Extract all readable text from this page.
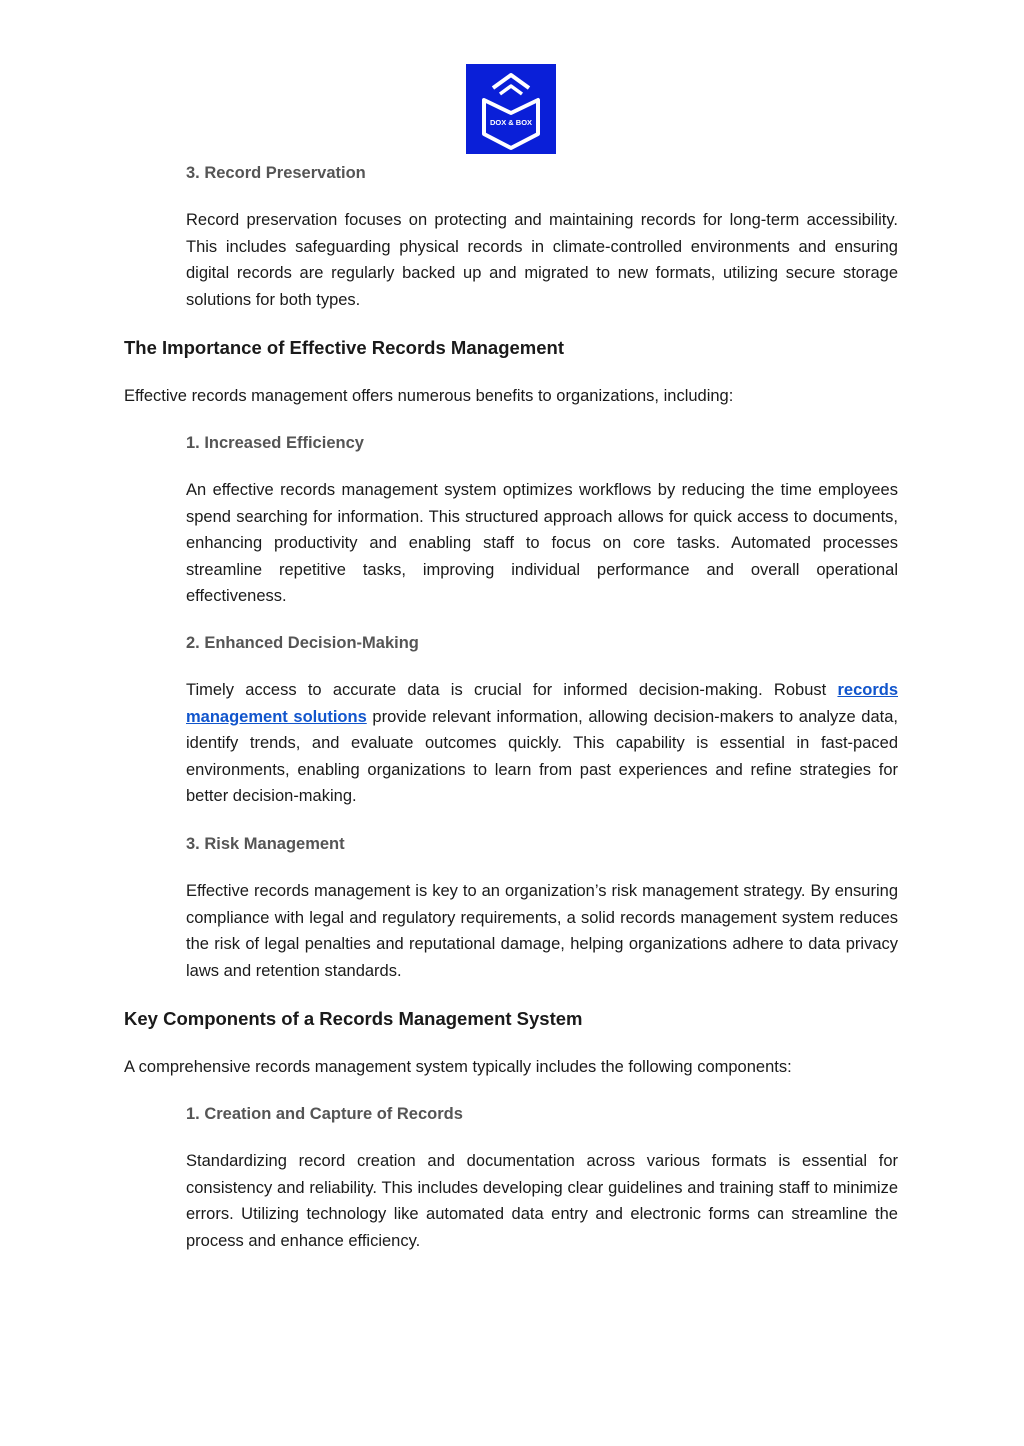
DOX & BOX
3. Record Preservation
Record preservation focuses on protecting and maintaining records for long-term accessibility. This includes safeguarding physical records in climate-controlled environments and ensuring digital records are regularly backed up and migrated to new formats, utilizing secure storage solutions for both types.
The Importance of Effective Records Management
Effective records management offers numerous benefits to organizations, including:
1. Increased Efficiency
An effective records management system optimizes workflows by reducing the time employees spend searching for information. This structured approach allows for quick access to documents, enhancing productivity and enabling staff to focus on core tasks. Automated processes streamline repetitive tasks, improving individual performance and overall operational effectiveness.
2. Enhanced Decision-Making
Timely access to accurate data is crucial for informed decision-making. Robust records management solutions provide relevant information, allowing decision-makers to analyze data, identify trends, and evaluate outcomes quickly. This capability is essential in fast-paced environments, enabling organizations to learn from past experiences and refine strategies for better decision-making.
3. Risk Management
Effective records management is key to an organization’s risk management strategy. By ensuring compliance with legal and regulatory requirements, a solid records management system reduces the risk of legal penalties and reputational damage, helping organizations adhere to data privacy laws and retention standards.
Key Components of a Records Management System
A comprehensive records management system typically includes the following components:
1. Creation and Capture of Records
Standardizing record creation and documentation across various formats is essential for consistency and reliability. This includes developing clear guidelines and training staff to minimize errors. Utilizing technology like automated data entry and electronic forms can streamline the process and enhance efficiency.
